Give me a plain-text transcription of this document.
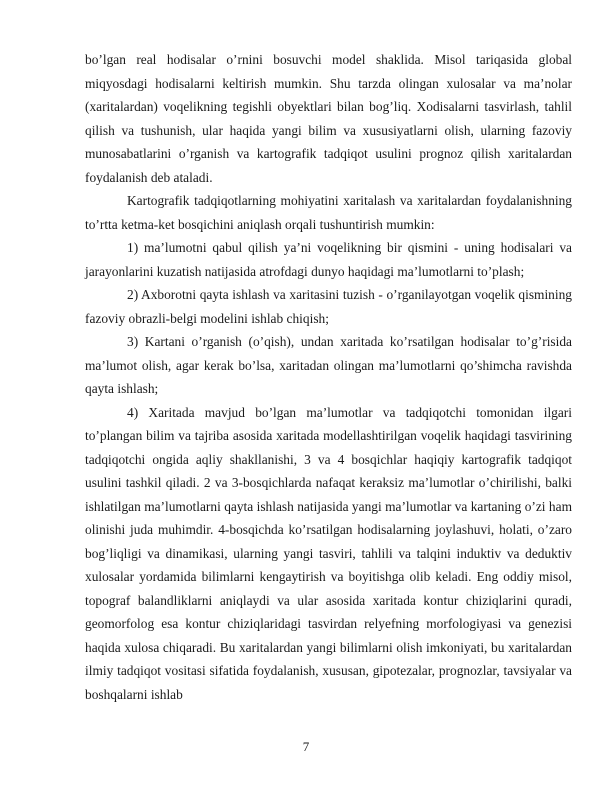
bo’lgan real hodisalar o’rnini bosuvchi model shaklida. Misol tariqasida global miqyosdagi hodisalarni keltirish mumkin. Shu tarzda olingan xulosalar va ma’nolar (xaritalardan) voqelikning tegishli obyektlari bilan bog’liq. Xodisalarni tasvirlash, tahlil qilish va tushunish, ular haqida yangi bilim va xususiyatlarni olish, ularning fazoviy munosabatlarini o’rganish va kartografik tadqiqot usulini prognoz qilish xaritalardan foydalanish deb ataladi.

Kartografik tadqiqotlarning mohiyatini xaritalash va xaritalardan foydalanishning to’rtta ketma-ket bosqichini aniqlash orqali tushuntirish mumkin:

1) ma’lumotni qabul qilish ya’ni voqelikning bir qismini - uning hodisalari va jarayonlarini kuzatish natijasida atrofdagi dunyo haqidagi ma’lumotlarni to’plash;

2) Axborotni qayta ishlash va xaritasini tuzish - o’rganilayotgan voqelik qismining fazoviy obrazli-belgi modelini ishlab chiqish;

3) Kartani o’rganish (o’qish), undan xaritada ko’rsatilgan hodisalar to’g’risida ma’lumot olish, agar kerak bo’lsa, xaritadan olingan ma’lumotlarni qo’shimcha ravishda qayta ishlash;

4) Xaritada mavjud bo’lgan ma’lumotlar va tadqiqotchi tomonidan ilgari to’plangan bilim va tajriba asosida xaritada modellashtirilgan voqelik haqidagi tasvirining tadqiqotchi ongida aqliy shakllanishi, 3 va 4 bosqichlar haqiqiy kartografik tadqiqot usulini tashkil qiladi. 2 va 3-bosqichlarda nafaqat keraksiz ma’lumotlar o’chirilishi, balki ishlatilgan ma’lumotlarni qayta ishlash natijasida yangi ma’lumotlar va kartaning o’zi ham olinishi juda muhimdir. 4-bosqichda ko’rsatilgan hodisalarning joylashuvi, holati, o’zaro bog’liqligi va dinamikasi, ularning yangi tasviri, tahlili va talqini induktiv va deduktiv xulosalar yordamida bilimlarni kengaytirish va boyitishga olib keladi. Eng oddiy misol, topograf balandliklarni aniqlaydi va ular asosida xaritada kontur chiziqlarini quradi, geomorfolog esa kontur chiziqlaridagi tasvirdan relyefning morfologiyasi va genezisi haqida xulosa chiqaradi. Bu xaritalardan yangi bilimlarni olish imkoniyati, bu xaritalardan ilmiy tadqiqot vositasi sifatida foydalanish, xususan, gipotezalar, prognozlar, tavsiyalar va boshqalarni ishlab

7
